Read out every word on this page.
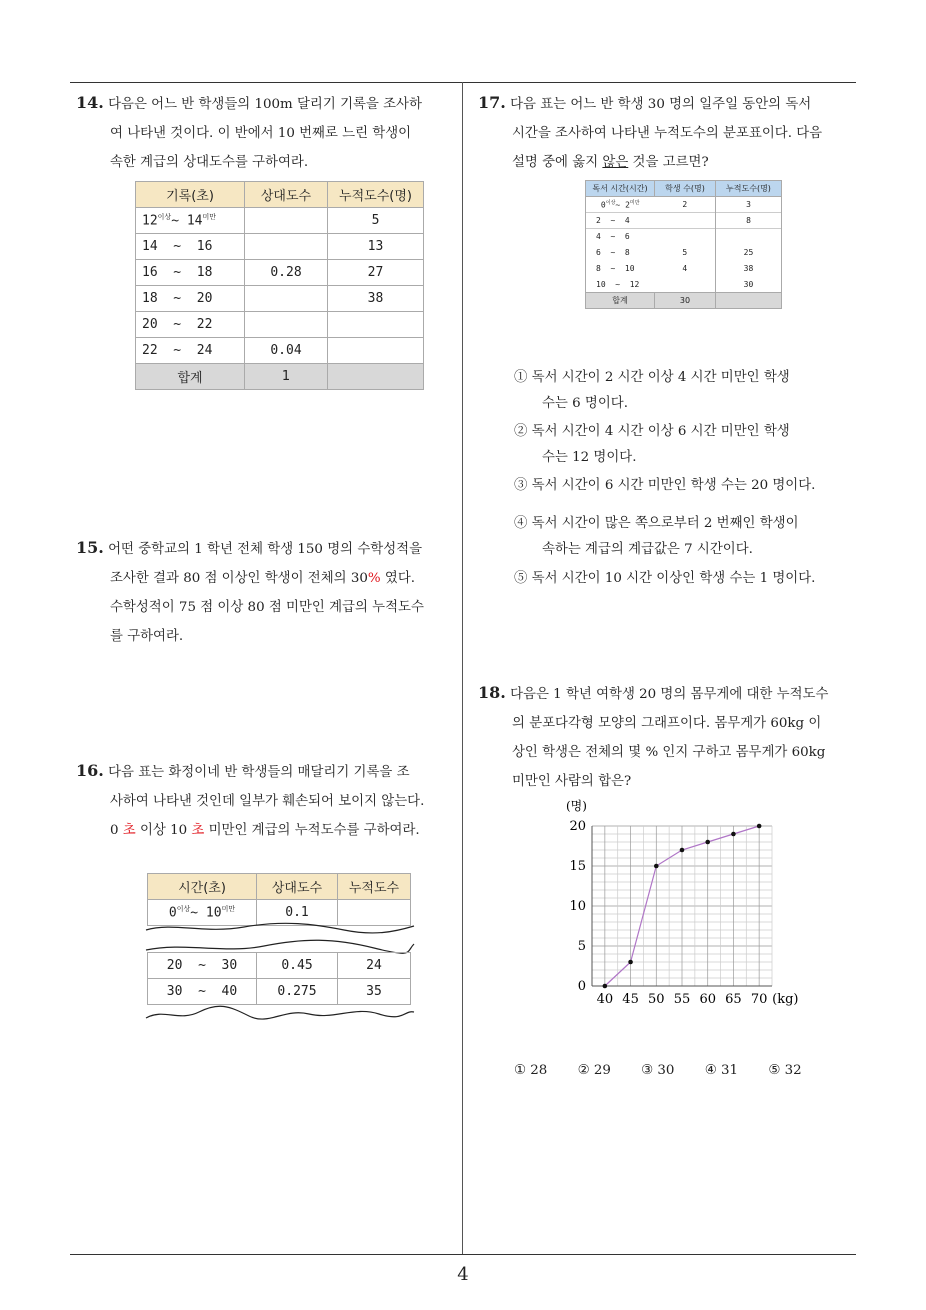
4
14. 다음은 어느 반 학생들의 100m 달리기 기록을 조사하
여 나타낸 것이다. 이 반에서 10 번째로 느린 학생이
속한 계급의 상대도수를 구하여라.
기록(초)	상대도수	누적도수(명)
$12^{이상}\sim$ $14^{미만}$		5
14  ~  16		13
16  ~  18	0.28	27
18  ~  20		38
20  ~  22		
22  ~  24	0.04	
합계	1	
15. 어떤 중학교의 1 학년 전체 학생 150 명의 수학성적을
조사한 결과 80 점 이상인 학생이 전체의 30% 였다.
수학성적이 75 점 이상 80 점 미만인 계급의 누적도수
를 구하여라.
16. 다음 표는 화정이네 반 학생들의 매달리기 기록을 조
사하여 나타낸 것인데 일부가 훼손되어 보이지 않는다.
0 초 이상 10 초 미만인 계급의 누적도수를 구하여라.
시간(초)	상대도수	누적도수
$0^{이상}\sim$ $10^{미만}$	0.1	
20  ~  30	0.45	24
30  ~  40	0.275	35
17. 다음 표는 어느 반 학생 30 명의 일주일 동안의 독서
시간을 조사하여 나타낸 누적도수의 분포표이다. 다음
설명 중에 옳지 않은 것을 고르면?
독서 시간(시간)	학생 수(명)	누적도수(명)
$0^{이상}\sim$ $2^{미만}$	2	3
2  ~  4		8
4  ~  6		
6  ~  8	5	25
8  ~  10	4	38
10  ~  12		30
합계	30	
① 독서 시간이 2 시간 이상 4 시간 미만인 학생
수는 6 명이다.
② 독서 시간이 4 시간 이상 6 시간 미만인 학생
수는 12 명이다.
③ 독서 시간이 6 시간 미만인 학생 수는 20 명이다.
④ 독서 시간이 많은 쪽으로부터 2 번째인 학생이
속하는 계급의 계급값은 7 시간이다.
⑤ 독서 시간이 10 시간 이상인 학생 수는 1 명이다.
18. 다음은 1 학년 여학생 20 명의 몸무게에 대한 누적도수
의 분포다각형 모양의 그래프이다. 몸무게가 60kg 이
상인 학생은 전체의 몇 % 인지 구하고 몸무게가 60kg
미만인 사람의 합은?
0
5
10
15
20
40 45 50 55 60 65 70 (kg)
(명)
① 28 ② 29 ③ 30 ④ 31 ⑤ 32
